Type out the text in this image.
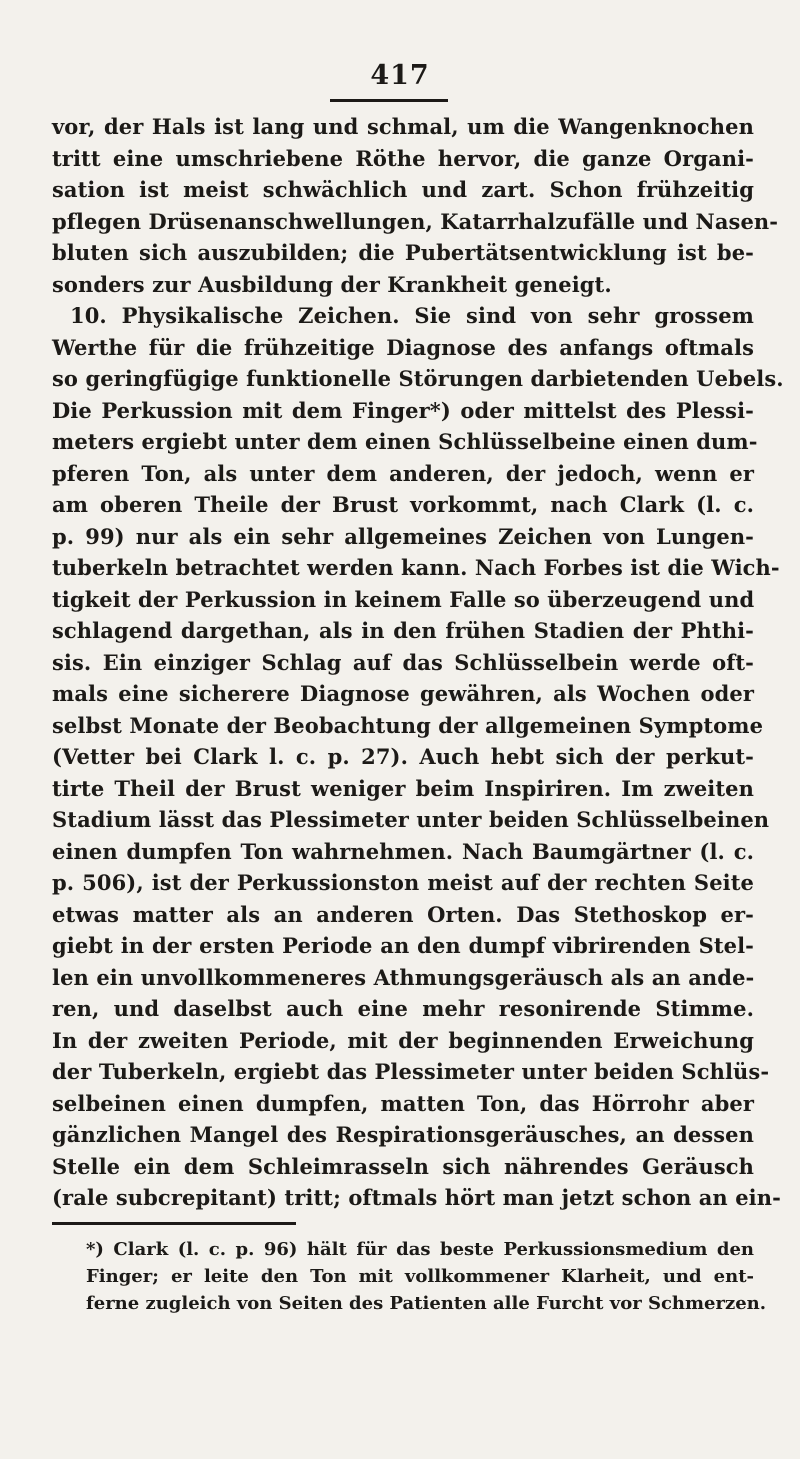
417
vor, der Hals ist lang und schmal, um die Wangenknochen
tritt eine umschriebene Röthe hervor, die ganze Organi-
sation ist meist schwächlich und zart. Schon frühzeitig
pflegen Drüsenanschwellungen, Katarrhalzufälle und Nasen-
bluten sich auszubilden; die Pubertätsentwicklung ist be-
sonders zur Ausbildung der Krankheit geneigt.
10. Physikalische Zeichen. Sie sind von sehr grossem
Werthe für die frühzeitige Diagnose des anfangs oftmals
so geringfügige funktionelle Störungen darbietenden Uebels.
Die Perkussion mit dem Finger*) oder mittelst des Plessi-
meters ergiebt unter dem einen Schlüsselbeine einen dum-
pferen Ton, als unter dem anderen, der jedoch, wenn er
am oberen Theile der Brust vorkommt, nach Clark (l. c.
p. 99) nur als ein sehr allgemeines Zeichen von Lungen-
tuberkeln betrachtet werden kann. Nach Forbes ist die Wich-
tigkeit der Perkussion in keinem Falle so überzeugend und
schlagend dargethan, als in den frühen Stadien der Phthi-
sis. Ein einziger Schlag auf das Schlüsselbein werde oft-
mals eine sicherere Diagnose gewähren, als Wochen oder
selbst Monate der Beobachtung der allgemeinen Symptome
(Vetter bei Clark l. c. p. 27). Auch hebt sich der perkut-
tirte Theil der Brust weniger beim Inspiriren. Im zweiten
Stadium lässt das Plessimeter unter beiden Schlüsselbeinen
einen dumpfen Ton wahrnehmen. Nach Baumgärtner (l. c.
p. 506), ist der Perkussionston meist auf der rechten Seite
etwas matter als an anderen Orten. Das Stethoskop er-
giebt in der ersten Periode an den dumpf vibrirenden Stel-
len ein unvollkommeneres Athmungsgeräusch als an ande-
ren, und daselbst auch eine mehr resonirende Stimme.
In der zweiten Periode, mit der beginnenden Erweichung
der Tuberkeln, ergiebt das Plessimeter unter beiden Schlüs-
selbeinen einen dumpfen, matten Ton, das Hörrohr aber
gänzlichen Mangel des Respirationsgeräusches, an dessen
Stelle ein dem Schleimrasseln sich nährendes Geräusch
(rale subcrepitant) tritt; oftmals hört man jetzt schon an ein-
*) Clark (l. c. p. 96) hält für das beste Perkussionsmedium den
Finger; er leite den Ton mit vollkommener Klarheit, und ent-
ferne zugleich von Seiten des Patienten alle Furcht vor Schmerzen.
